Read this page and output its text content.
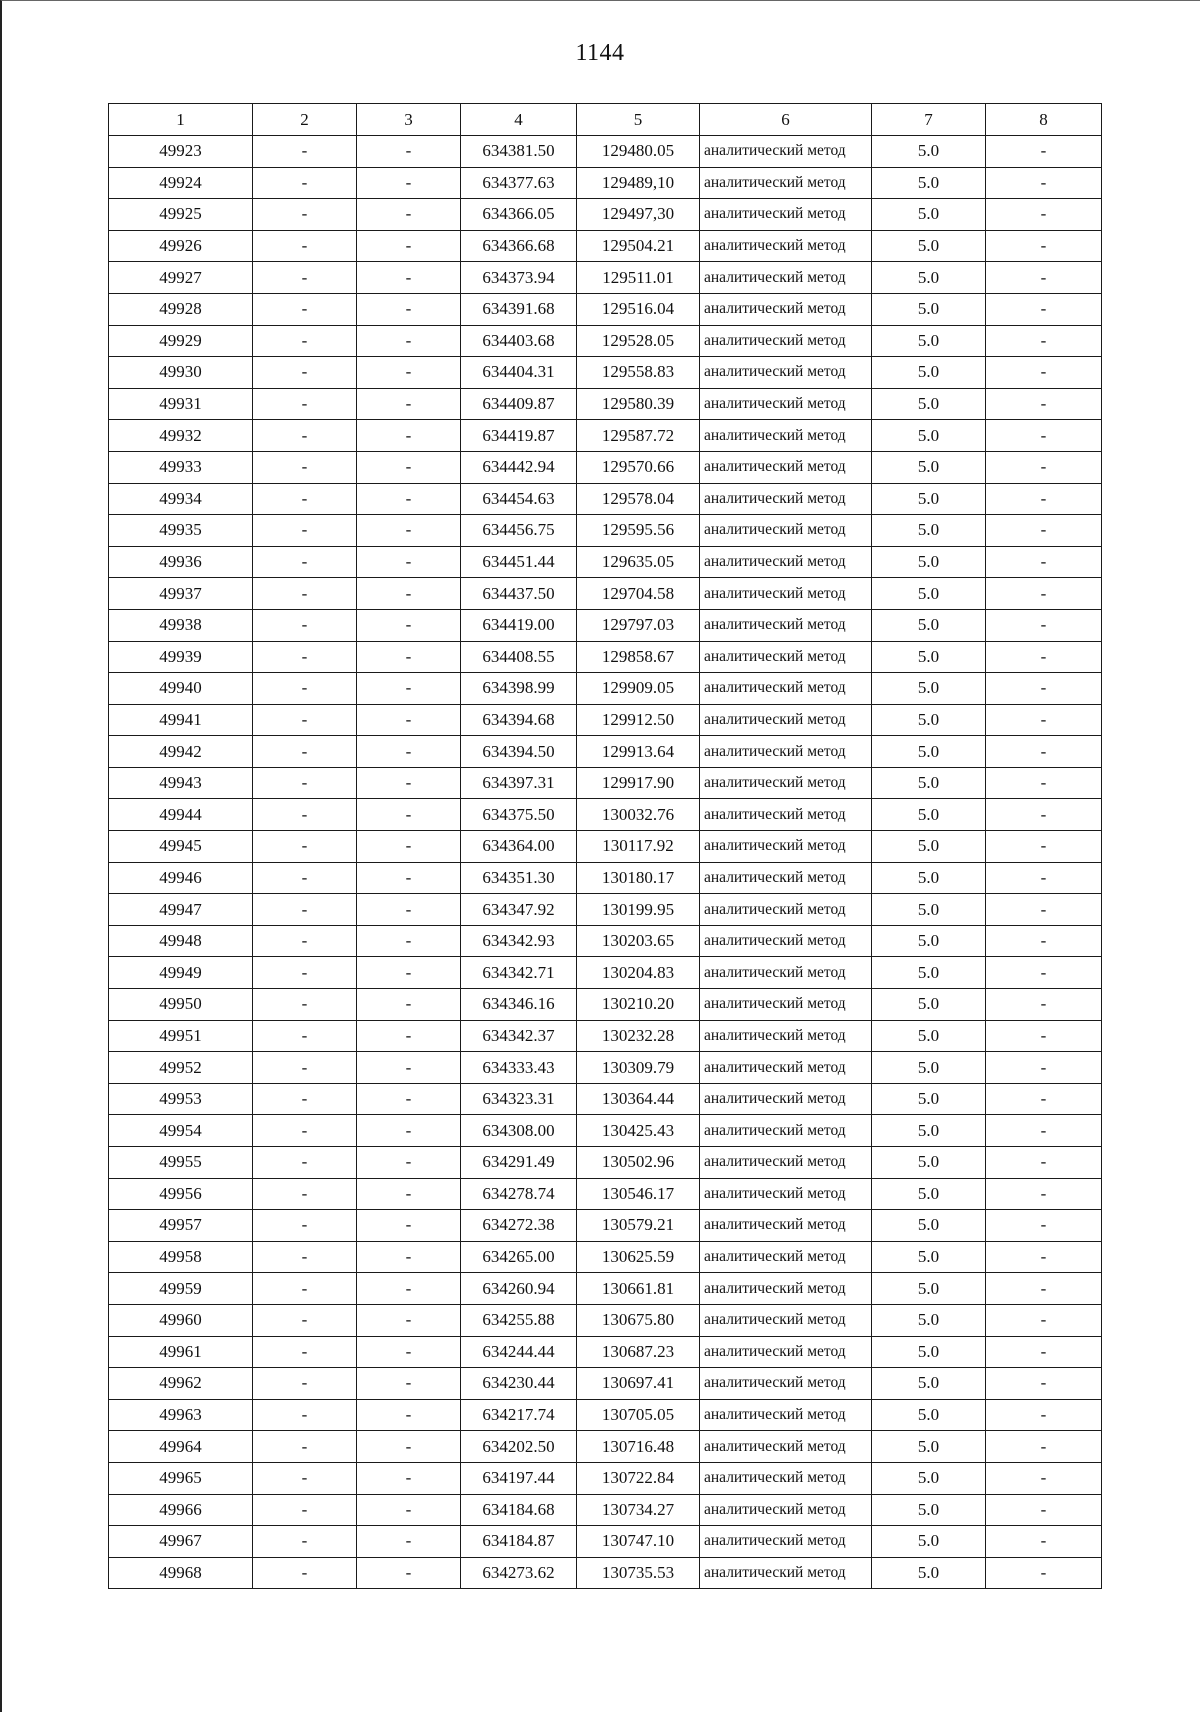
1144
1	2	3	4	5	6	7	8
49923	-	-	634381.50	129480.05	аналитический метод	5.0	-
49924	-	-	634377.63	129489,10	аналитический метод	5.0	-
49925	-	-	634366.05	129497,30	аналитический метод	5.0	-
49926	-	-	634366.68	129504.21	аналитический метод	5.0	-
49927	-	-	634373.94	129511.01	аналитический метод	5.0	-
49928	-	-	634391.68	129516.04	аналитический метод	5.0	-
49929	-	-	634403.68	129528.05	аналитический метод	5.0	-
49930	-	-	634404.31	129558.83	аналитический метод	5.0	-
49931	-	-	634409.87	129580.39	аналитический метод	5.0	-
49932	-	-	634419.87	129587.72	аналитический метод	5.0	-
49933	-	-	634442.94	129570.66	аналитический метод	5.0	-
49934	-	-	634454.63	129578.04	аналитический метод	5.0	-
49935	-	-	634456.75	129595.56	аналитический метод	5.0	-
49936	-	-	634451.44	129635.05	аналитический метод	5.0	-
49937	-	-	634437.50	129704.58	аналитический метод	5.0	-
49938	-	-	634419.00	129797.03	аналитический метод	5.0	-
49939	-	-	634408.55	129858.67	аналитический метод	5.0	-
49940	-	-	634398.99	129909.05	аналитический метод	5.0	-
49941	-	-	634394.68	129912.50	аналитический метод	5.0	-
49942	-	-	634394.50	129913.64	аналитический метод	5.0	-
49943	-	-	634397.31	129917.90	аналитический метод	5.0	-
49944	-	-	634375.50	130032.76	аналитический метод	5.0	-
49945	-	-	634364.00	130117.92	аналитический метод	5.0	-
49946	-	-	634351.30	130180.17	аналитический метод	5.0	-
49947	-	-	634347.92	130199.95	аналитический метод	5.0	-
49948	-	-	634342.93	130203.65	аналитический метод	5.0	-
49949	-	-	634342.71	130204.83	аналитический метод	5.0	-
49950	-	-	634346.16	130210.20	аналитический метод	5.0	-
49951	-	-	634342.37	130232.28	аналитический метод	5.0	-
49952	-	-	634333.43	130309.79	аналитический метод	5.0	-
49953	-	-	634323.31	130364.44	аналитический метод	5.0	-
49954	-	-	634308.00	130425.43	аналитический метод	5.0	-
49955	-	-	634291.49	130502.96	аналитический метод	5.0	-
49956	-	-	634278.74	130546.17	аналитический метод	5.0	-
49957	-	-	634272.38	130579.21	аналитический метод	5.0	-
49958	-	-	634265.00	130625.59	аналитический метод	5.0	-
49959	-	-	634260.94	130661.81	аналитический метод	5.0	-
49960	-	-	634255.88	130675.80	аналитический метод	5.0	-
49961	-	-	634244.44	130687.23	аналитический метод	5.0	-
49962	-	-	634230.44	130697.41	аналитический метод	5.0	-
49963	-	-	634217.74	130705.05	аналитический метод	5.0	-
49964	-	-	634202.50	130716.48	аналитический метод	5.0	-
49965	-	-	634197.44	130722.84	аналитический метод	5.0	-
49966	-	-	634184.68	130734.27	аналитический метод	5.0	-
49967	-	-	634184.87	130747.10	аналитический метод	5.0	-
49968	-	-	634273.62	130735.53	аналитический метод	5.0	-
